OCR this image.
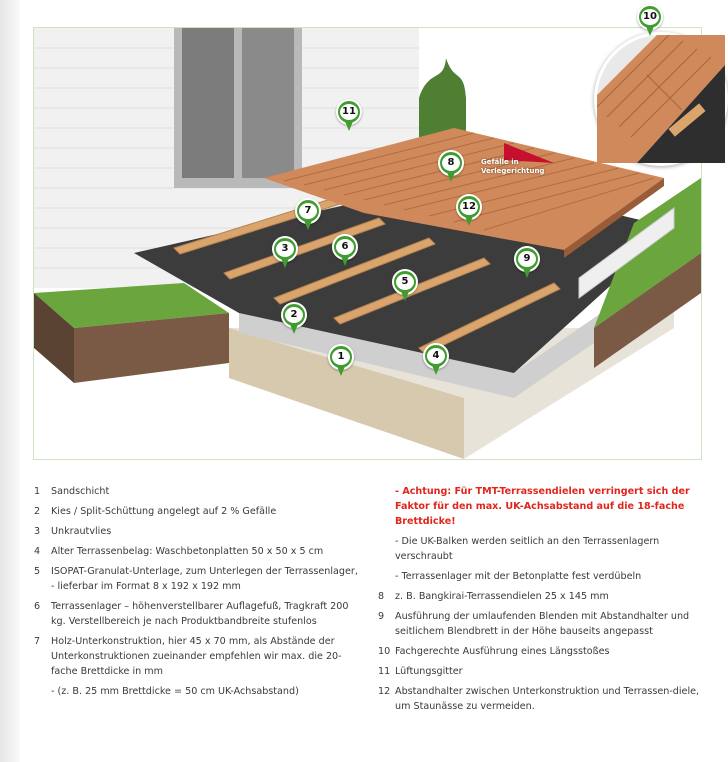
Gefälle in
Verlegerichtung
1
2
3
4
5
6
7
8
9
10
11
12
1	Sandschicht
2	Kies / Split-Schüttung angelegt auf 2 % Gefälle
3	Unkrautvlies
4	Alter Terrassenbelag: Waschbetonplatten 50 x 50 x 5 cm
5	ISOPAT-Granulat-Unterlage, zum Unterlegen der Terrassenlager,
- lieferbar im Format 8 x 192 x 192 mm
6	Terrassenlager – höhenverstellbarer Auflagefuß, Tragkraft 200 kg. Verstellbereich je nach Produktbandbreite stufenlos
7	Holz-Unterkonstruktion, hier 45 x 70 mm, als Abstände der Unterkonstruktionen zueinander empfehlen wir max. die 20-fache Brettdicke in mm
- (z. B. 25 mm Brettdicke = 50 cm UK-Achsabstand)
- Achtung: Für TMT-Terrassendielen verringert sich der Faktor für den max. UK-Achsabstand auf die 18-fache Brettdicke!
- Die UK-Balken werden seitlich an den Terrassenlagern verschraubt
- Terrassenlager mit der Betonplatte fest verdübeln
8	z. B. Bangkirai-Terrassendielen 25 x 145 mm
9	Ausführung der umlaufenden Blenden mit Abstandhalter und seitlichem Blendbrett in der Höhe bauseits angepasst
10 Fachgerechte Ausführung eines Längsstoßes
11 Lüftungsgitter
12 Abstandhalter zwischen Unterkonstruktion und Terrassen-diele, um Staunässe zu vermeiden.
